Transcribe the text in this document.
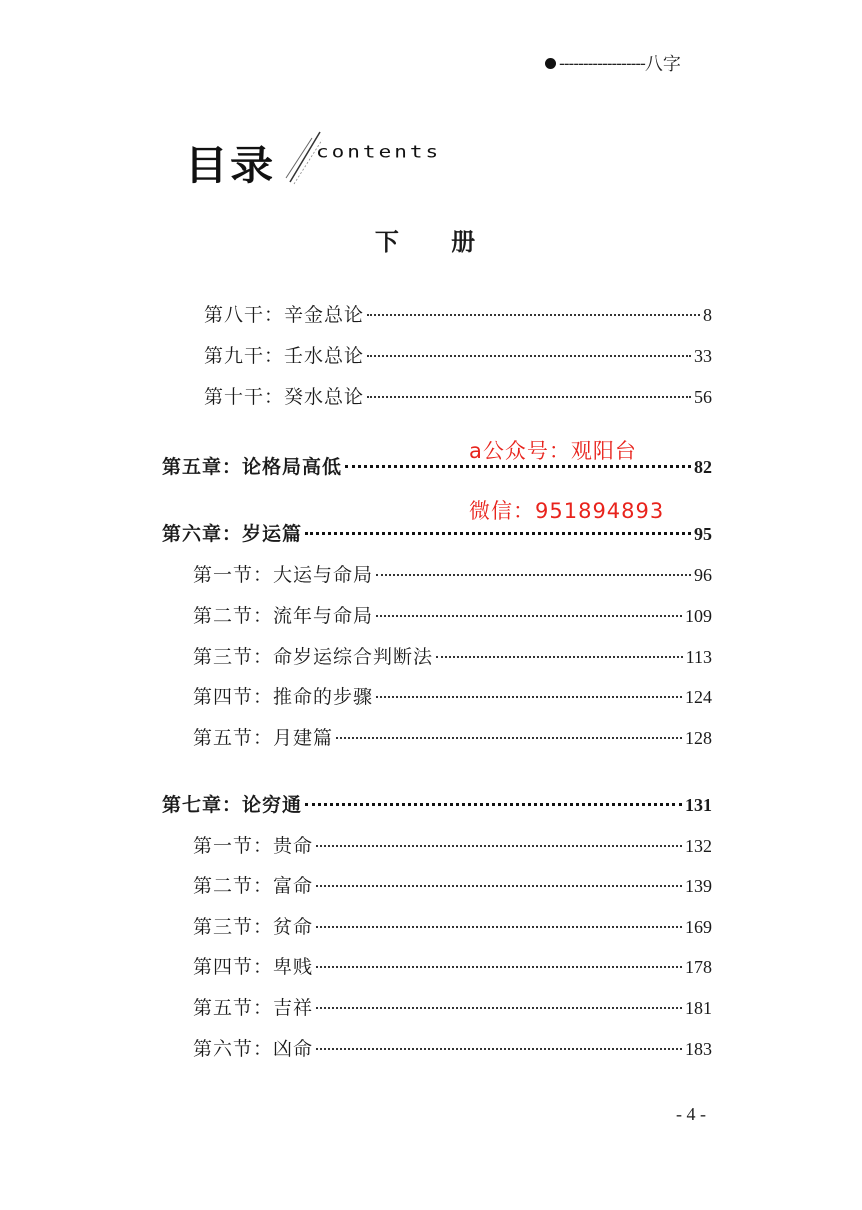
------------------ 八字
目录 contents
下 册
第八干：辛金总论	8
第九干：壬水总论	33
第十干：癸水总论	56
第五章：论格局高低	82
第六章：岁运篇	95
第一节：大运与命局	96
第二节：流年与命局	109
第三节：命岁运综合判断法	113
第四节：推命的步骤	124
第五节：月建篇	128
第七章：论穷通	131
第一节：贵命	132
第二节：富命	139
第三节：贫命	169
第四节：卑贱	178
第五节：吉祥	181
第六节：凶命	183
a公众号：观阳台
微信：951894893
- 4 -
